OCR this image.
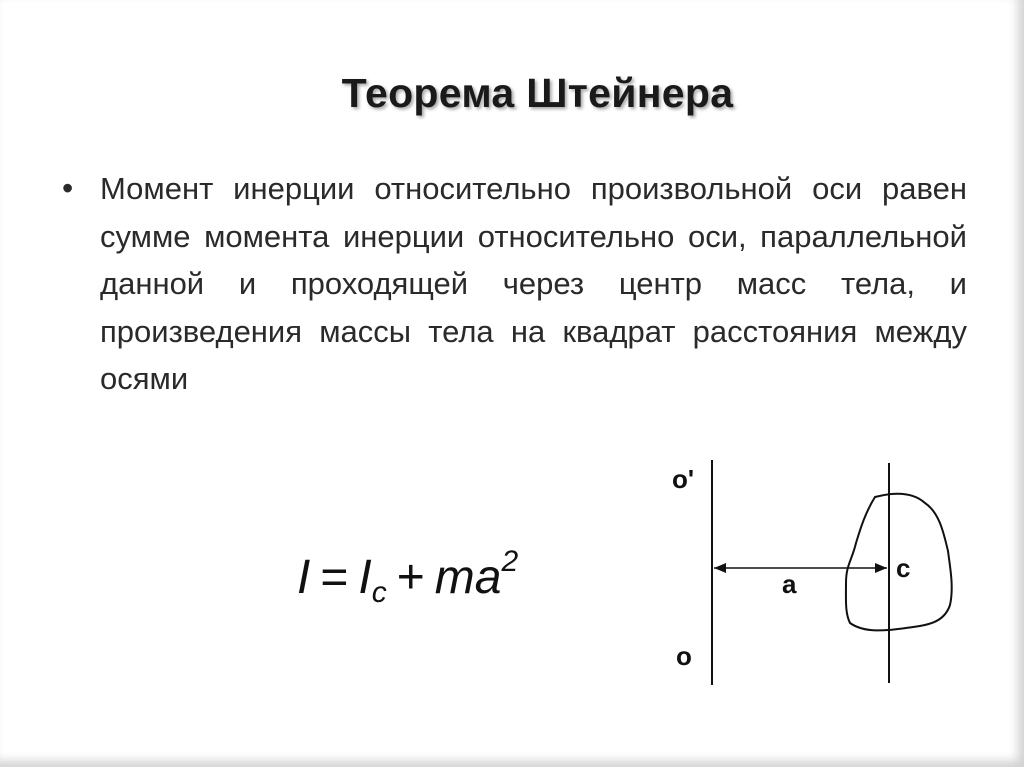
Теорема Штейнера
• Момент инерции относительно произвольной оси равен сумме момента инерции относительно оси, параллельной данной и проходящей через центр масс тела, и произведения массы тела на квадрат расстояния между осями
$I = I_c + ma^2$
o'
o
a
c
